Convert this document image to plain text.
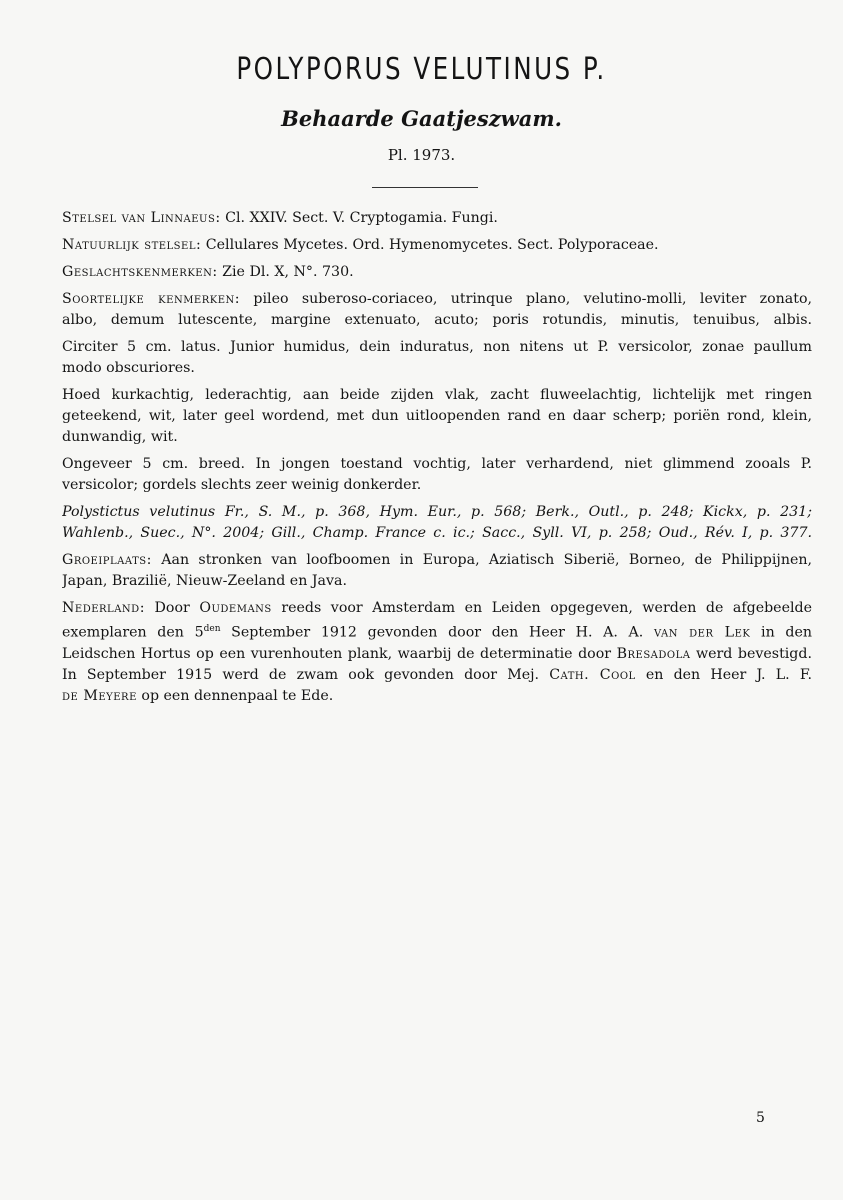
POLYPORUS VELUTINUS P.
Behaarde Gaatjeszwam.
Pl. 1973.
Stelsel van Linnaeus: Cl. XXIV. Sect. V. Cryptogamia. Fungi.
Natuurlijk stelsel: Cellulares Mycetes. Ord. Hymenomycetes. Sect. Polyporaceae.
Geslachtskenmerken: Zie Dl. X, N°. 730.
Soortelijke kenmerken: pileo suberoso-coriaceo, utrinque plano, velutino-molli, leviter zonato,
albo, demum lutescente, margine extenuato, acuto; poris rotundis, minutis, tenuibus, albis.
Circiter 5 cm. latus. Junior humidus, dein induratus, non nitens ut P. versicolor, zonae paullum
modo obscuriores.
Hoed kurkachtig, lederachtig, aan beide zijden vlak, zacht fluweelachtig, lichtelijk met ringen
geteekend, wit, later geel wordend, met dun uitloopenden rand en daar scherp; poriën rond, klein,
dunwandig, wit.
Ongeveer 5 cm. breed. In jongen toestand vochtig, later verhardend, niet glimmend zooals P.
versicolor; gordels slechts zeer weinig donkerder.
Polystictus velutinus Fr., S. M., p. 368, Hym. Eur., p. 568; Berk., Outl., p. 248; Kickx, p. 231;
Wahlenb., Suec., N°. 2004; Gill., Champ. France c. ic.; Sacc., Syll. VI, p. 258; Oud., Rév. I, p. 377.
Groeiplaats: Aan stronken van loofboomen in Europa, Aziatisch Siberië, Borneo, de Philippijnen,
Japan, Brazilië, Nieuw-Zeeland en Java.
Nederland: Door Oudemans reeds voor Amsterdam en Leiden opgegeven, werden de afgebeelde
exemplaren den $5^{den}$ September 1912 gevonden door den Heer H. A. A. van der Lek in den
Leidschen Hortus op een vurenhouten plank, waarbij de determinatie door Bresadola werd bevestigd.
In September 1915 werd de zwam ook gevonden door Mej. Cath. Cool en den Heer J. L. F.
de Meyere op een dennenpaal te Ede.
5
